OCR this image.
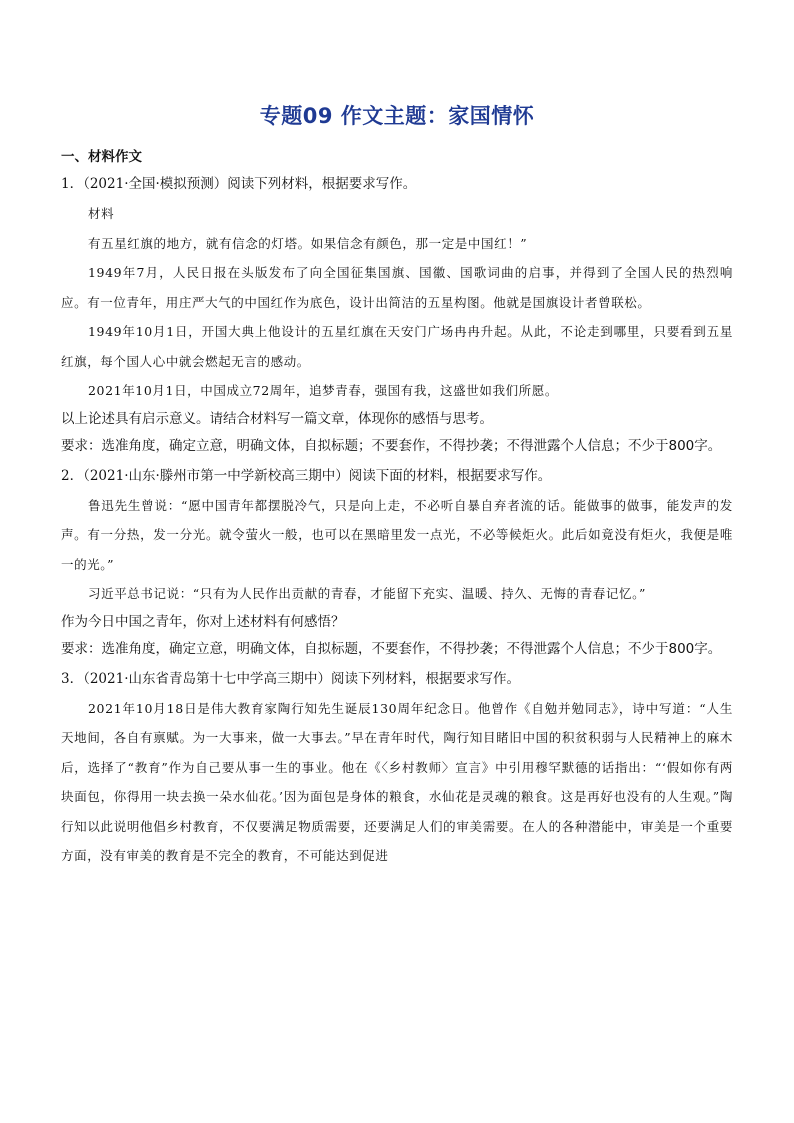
专题09 作文主题：家国情怀
一、材料作文
1．（2021·全国·模拟预测）阅读下列材料，根据要求写作。

材料

有五星红旗的地方，就有信念的灯塔。如果信念有颜色，那一定是中国红！”

1949年7月，人民日报在头版发布了向全国征集国旗、国徽、国歌词曲的启事，并得到了全国人民的热烈响应。有一位青年，用庄严大气的中国红作为底色，设计出简洁的五星构图。他就是国旗设计者曾联松。

1949年10月1日，开国大典上他设计的五星红旗在天安门广场冉冉升起。从此，不论走到哪里，只要看到五星红旗，每个国人心中就会燃起无言的感动。

2021年10月1日，中国成立72周年，追梦青春，强国有我，这盛世如我们所愿。

以上论述具有启示意义。请结合材料写一篇文章，体现你的感悟与思考。

要求：选准角度，确定立意，明确文体，自拟标题；不要套作，不得抄袭；不得泄露个人信息；不少于800字。

2．（2021·山东·滕州市第一中学新校高三期中）阅读下面的材料，根据要求写作。

鲁迅先生曾说：“愿中国青年都摆脱冷气，只是向上走，不必听自暴自弃者流的话。能做事的做事，能发声的发声。有一分热，发一分光。就令萤火一般，也可以在黑暗里发一点光，不必等候炬火。此后如竟没有炬火，我便是唯一的光。”

习近平总书记说：“只有为人民作出贡献的青春，才能留下充实、温暖、持久、无悔的青春记忆。”

作为今日中国之青年，你对上述材料有何感悟？

要求：选准角度，确定立意，明确文体，自拟标题，不要套作，不得抄袭；不得泄露个人信息；不少于800字。

3．（2021·山东省青岛第十七中学高三期中）阅读下列材料，根据要求写作。

2021年10月18日是伟大教育家陶行知先生诞辰130周年纪念日。他曾作《自勉并勉同志》，诗中写道：“人生天地间，各自有禀赋。为一大事来，做一大事去。”早在青年时代，陶行知目睹旧中国的积贫积弱与人民精神上的麻木后，选择了“教育”作为自己要从事一生的事业。他在《〈乡村教师〉宣言》中引用穆罕默德的话指出：“‘假如你有两块面包，你得用一块去换一朵水仙花。’因为面包是身体的粮食，水仙花是灵魂的粮食。这是再好也没有的人生观。”陶行知以此说明他倡乡村教育，不仅要满足物质需要，还要满足人们的审美需要。在人的各种潜能中，审美是一个重要方面，没有审美的教育是不完全的教育，不可能达到促进
